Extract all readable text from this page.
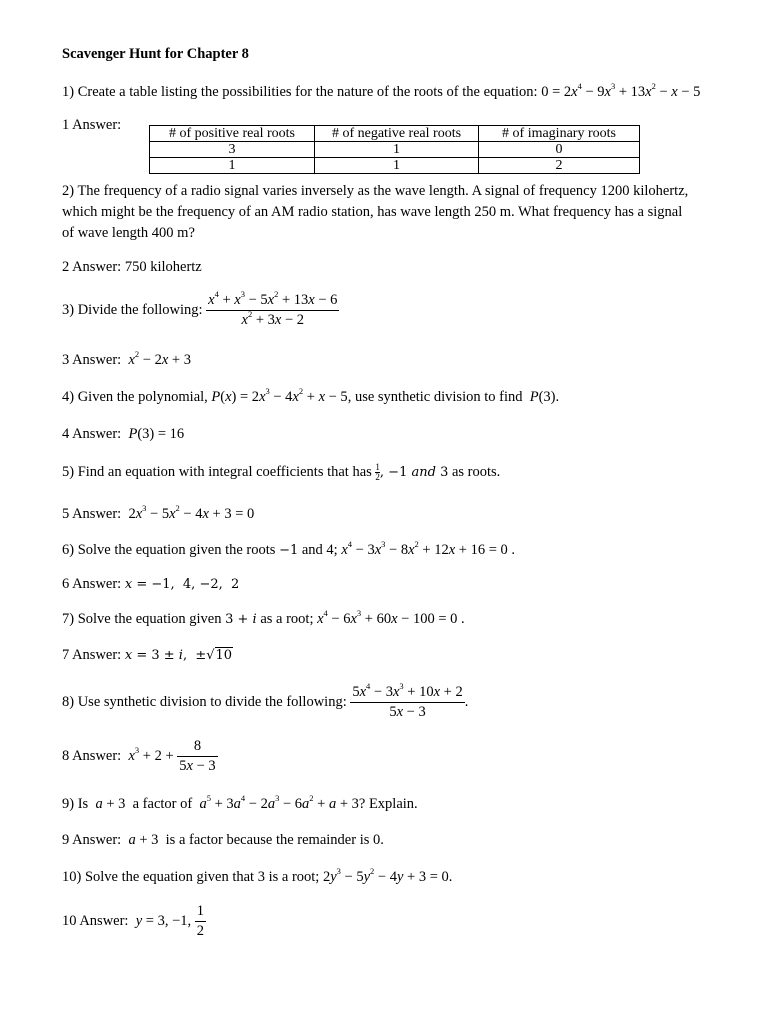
Scavenger Hunt for Chapter 8
1) Create a table listing the possibilities for the nature of the roots of the equation: $0 = 2x^4 - 9x^3 + 13x^2 - x - 5$
1 Answer:
# of positive real roots	# of negative real roots	# of imaginary roots
3	1	0
1	1	2
2) The frequency of a radio signal varies inversely as the wave length. A signal of frequency 1200 kilohertz,
which might be the frequency of an AM radio station, has wave length 250 m. What frequency has a signal
of wave length 400 m?
2 Answer: 750 kilohertz
3) Divide the following: $\frac{x^4 + x^3 - 5x^2 + 13x - 6}{x^2 + 3x - 2}$
3 Answer: $x^2 - 2x + 3$
4) Given the polynomial, $P(x) = 2x^3 - 4x^2 + x - 5$, use synthetic division to find  P(3).
4 Answer: P(3) = 16
5) Find an equation with integral coefficients that has $\frac{1}{2}$ , −1 and 3 as roots.
5 Answer:  $2x^3 - 5x^2 - 4x + 3 = 0$
6) Solve the equation given the roots −1 and 4; $x^4 - 3x^3 - 8x^2 + 12x + 16 = 0$ .
6 Answer: x = −1,  4, −2,  2
7) Solve the equation given 3 + i as a root; $x^4 - 6x^3 + 60x - 100 = 0$ .
7 Answer: x = 3 ± i,  ±√10
8) Use synthetic division to divide the following: $\frac{5x^4 - 3x^3 + 10x + 2}{5x - 3}$ .
8 Answer: $x^3 + 2 + \frac{8}{5x - 3}$
9) Is  a + 3  a factor of  $a^5 + 3a^4 - 2a^3 - 6a^2 + a + 3$? Explain.
9 Answer:  a + 3  is a factor because the remainder is 0.
10) Solve the equation given that 3 is a root; $2y^3 - 5y^2 - 4y + 3 = 0$.
10 Answer: y = 3, −1, $\frac{1}{2}$
